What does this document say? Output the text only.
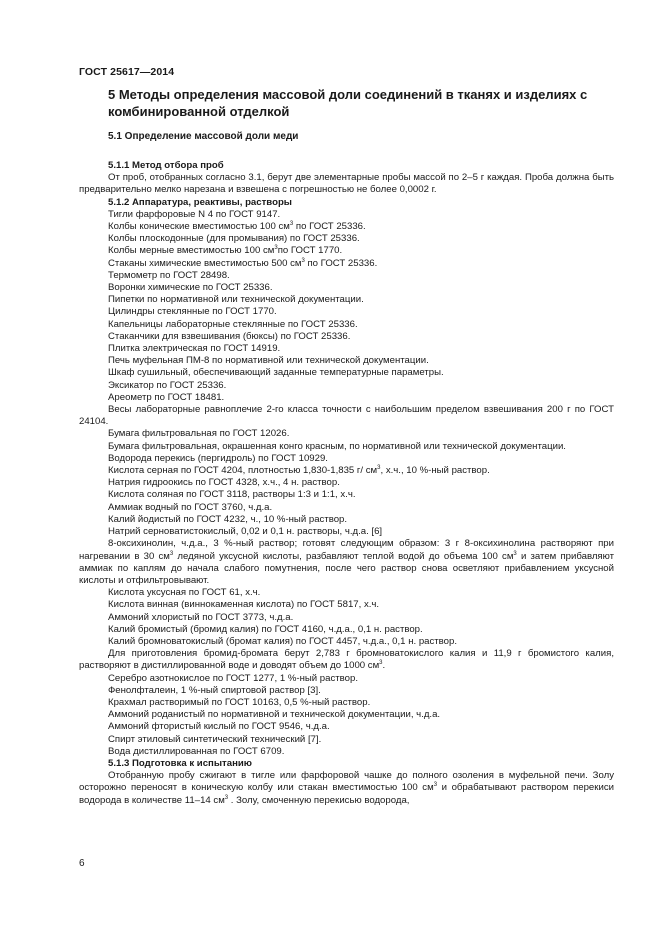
ГОСТ 25617—2014
5 Методы определения массовой доли соединений в тканях и изделиях с комбинированной отделкой
5.1 Определение массовой доли меди

5.1.1 Метод отбора проб

От проб, отобранных согласно 3.1, берут две элементарные пробы массой по 2–5 г каждая. Проба должна быть предварительно мелко нарезана и взвешена с погрешностью не более 0,0002 г.

5.1.2 Аппаратура, реактивы, растворы

Тигли фарфоровые N 4 по ГОСТ 9147.

Колбы конические вместимостью 100 $см^3$ по ГОСТ 25336.

Колбы плоскодонные (для промывания) по ГОСТ 25336.

Колбы мерные вместимостью 100 $см^3по$ ГОСТ 1770.

Стаканы химические вместимостью 500 $см^3$ по ГОСТ 25336.

Термометр по ГОСТ 28498.

Воронки химические по ГОСТ 25336.

Пипетки по нормативной или технической документации.

Цилиндры стеклянные по ГОСТ 1770.

Капельницы лабораторные стеклянные по ГОСТ 25336.

Стаканчики для взвешивания (бюксы) по ГОСТ 25336.

Плитка электрическая по ГОСТ 14919.

Печь муфельная ПМ-8 по нормативной или технической документации.

Шкаф сушильный, обеспечивающий заданные температурные параметры.

Эксикатор по ГОСТ 25336.

Ареометр по ГОСТ 18481.

Весы лабораторные равноплечие 2-го класса точности с наибольшим пределом взвешивания 200 г по ГОСТ 24104.

Бумага фильтровальная по ГОСТ 12026.

Бумага фильтровальная, окрашенная конго красным, по нормативной или технической документации.

Водорода перекись (пергидроль) по ГОСТ 10929.

Кислота серная по ГОСТ 4204, плотностью 1,830-1,835 г/ $см^3$, х.ч., 10 %-ный раствор.

Натрия гидроокись по ГОСТ 4328, х.ч., 4 н. раствор.

Кислота соляная по ГОСТ 3118, растворы 1:3 и 1:1, х.ч.

Аммиак водный по ГОСТ 3760, ч.д.а.

Калий йодистый по ГОСТ 4232, ч., 10 %-ный раствор.

Натрий серноватистокислый, 0,02 и 0,1 н. растворы, ч.д.а. [6]

8-оксихинолин, ч.д.а., 3 %-ный раствор; готовят следующим образом: 3 г 8-оксихинолина растворяют при нагревании в 30 $см^3$ ледяной уксусной кислоты, разбавляют теплой водой до объема 100 $см^3$ и затем прибавляют аммиак по каплям до начала слабого помутнения, после чего раствор снова осветляют прибавлением уксусной кислоты и отфильтровывают.

Кислота уксусная по ГОСТ 61, х.ч.

Кислота винная (виннокаменная кислота) по ГОСТ 5817, х.ч.

Аммоний хлористый по ГОСТ 3773, ч.д.а.

Калий бромистый (бромид калия) по ГОСТ 4160, ч.д.а., 0,1 н. раствор.

Калий бромноватокислый (бромат калия) по ГОСТ 4457, ч.д.а., 0,1 н. раствор.

Для приготовления бромид-бромата берут 2,783 г бромноватокислого калия и 11,9 г бромистого калия, растворяют в дистиллированной воде и доводят объем до 1000 $см^3$.

Серебро азотнокислое по ГОСТ 1277, 1 %-ный раствор.

Фенолфталеин, 1 %-ный спиртовой раствор [3].

Крахмал растворимый по ГОСТ 10163, 0,5 %-ный раствор.

Аммоний роданистый по нормативной и технической документации, ч.д.а.

Аммоний фтористый кислый по ГОСТ 9546, ч.д.а.

Спирт этиловый синтетический технический [7].

Вода дистиллированная по ГОСТ 6709.

5.1.3 Подготовка к испытанию

Отобранную пробу сжигают в тигле или фарфоровой чашке до полного озоления в муфельной печи. Золу осторожно переносят в коническую колбу или стакан вместимостью 100 $см^3$ и обрабатывают раствором перекиси водорода в количестве 11–14 $см^3$ . Золу, смоченную перекисью водорода,

6
